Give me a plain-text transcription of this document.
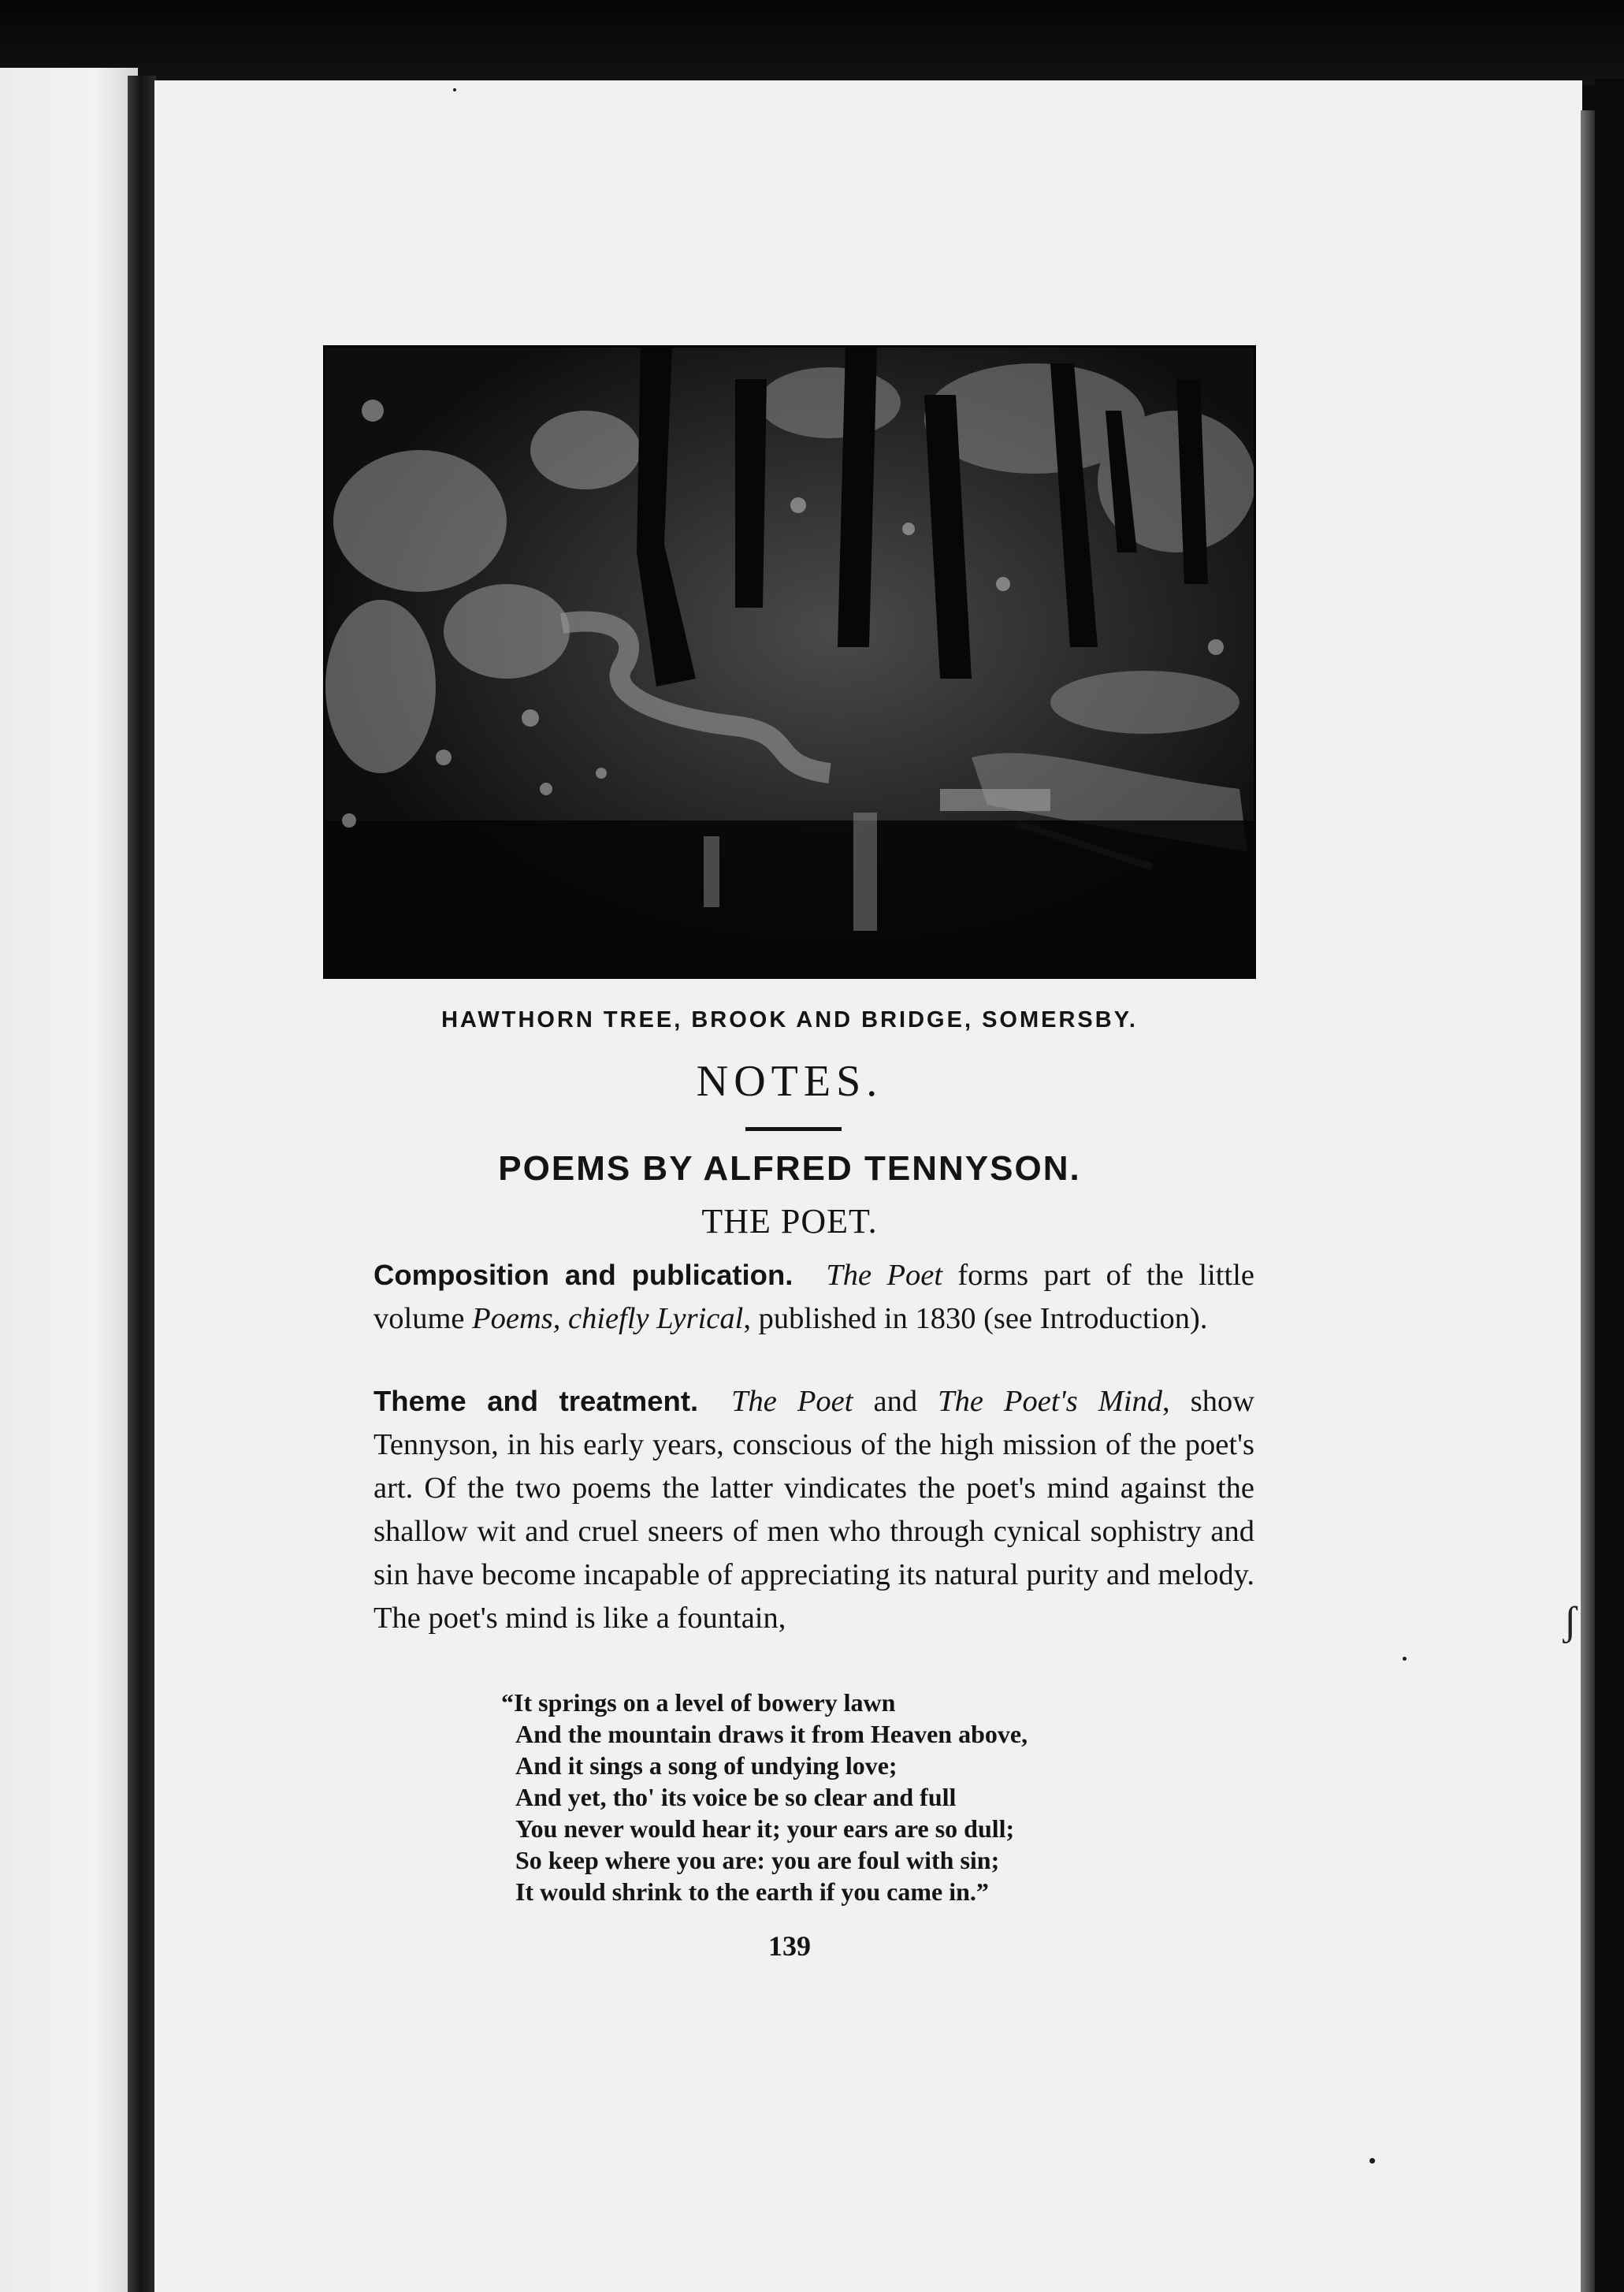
ʃ
HAWTHORN TREE, BROOK AND BRIDGE, SOMERSBY.
NOTES.
POEMS BY ALFRED TENNYSON.
THE POET.

Composition and publication. The Poet forms part of the little volume Poems, chiefly Lyrical, published in 1830 (see Introduction).

Theme and treatment. The Poet and The Poet's Mind, show Tennyson, in his early years, conscious of the high mission of the poet's art. Of the two poems the latter vindicates the poet's mind against the shallow wit and cruel sneers of men who through cynical sophistry and sin have become incapable of appreciating its natural purity and melody. The poet's mind is like a fountain,

“It springs on a level of bowery lawn
And the mountain draws it from Heaven above,
And it sings a song of undying love;
And yet, tho' its voice be so clear and full
You never would hear it; your ears are so dull;
So keep where you are: you are foul with sin;
It would shrink to the earth if you came in.”
139
